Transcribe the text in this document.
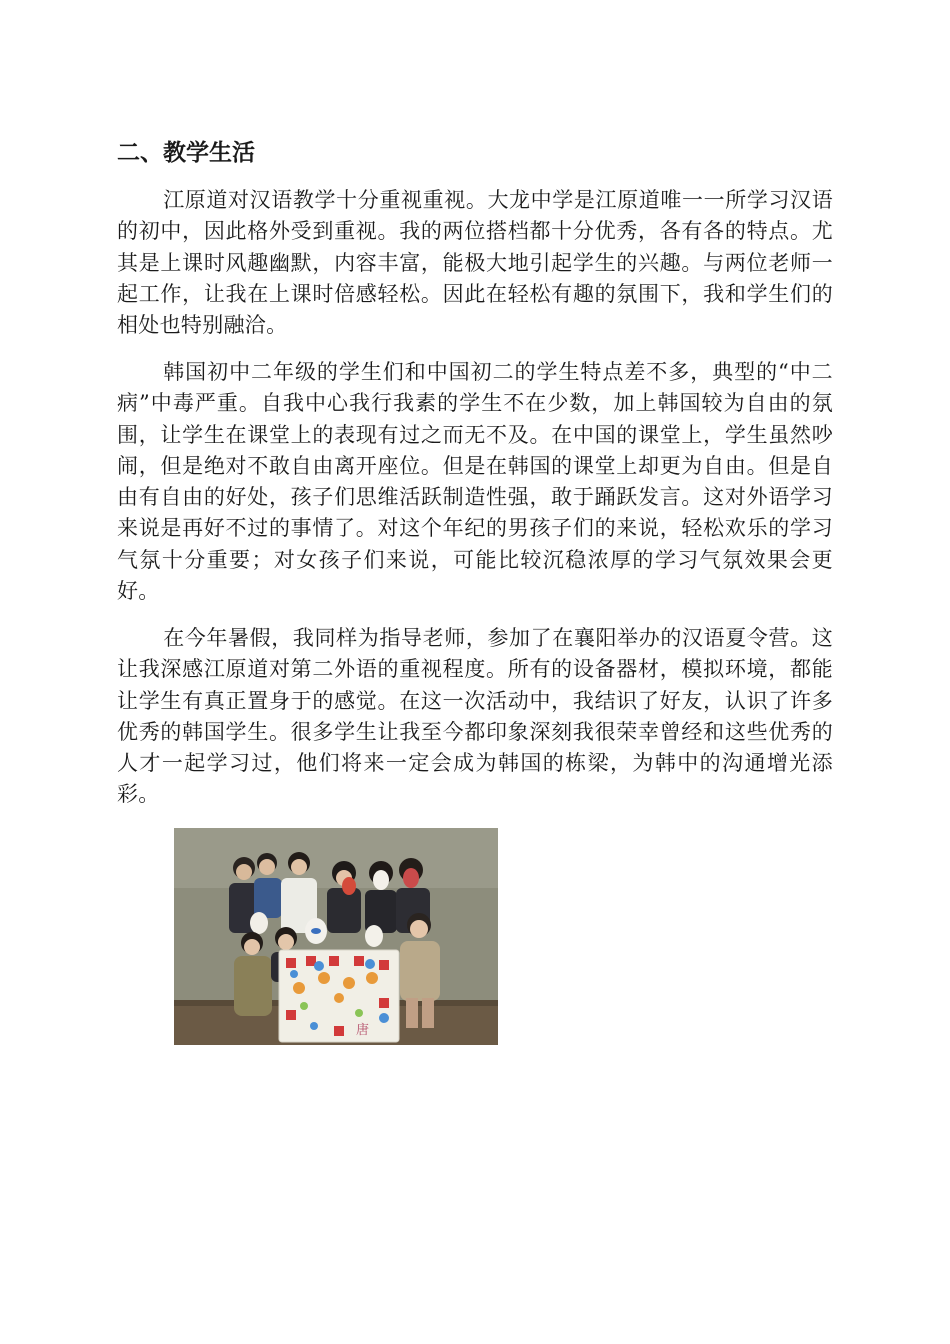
二、教学生活

江原道对汉语教学十分重视重视。大龙中学是江原道唯一一所学习汉语的初中，因此格外受到重视。我的两位搭档都十分优秀，各有各的特点。尤其是上课时风趣幽默，内容丰富，能极大地引起学生的兴趣。与两位老师一起工作，让我在上课时倍感轻松。因此在轻松有趣的氛围下，我和学生们的相处也特别融洽。

韩国初中二年级的学生们和中国初二的学生特点差不多，典型的“中二病”中毒严重。自我中心我行我素的学生不在少数，加上韩国较为自由的氛围，让学生在课堂上的表现有过之而无不及。在中国的课堂上，学生虽然吵闹，但是绝对不敢自由离开座位。但是在韩国的课堂上却更为自由。但是自由有自由的好处，孩子们思维活跃制造性强，敢于踊跃发言。这对外语学习来说是再好不过的事情了。对这个年纪的男孩子们的来说，轻松欢乐的学习气氛十分重要；对女孩子们来说，可能比较沉稳浓厚的学习气氛效果会更好。

在今年暑假，我同样为指导老师，参加了在襄阳举办的汉语夏令营。这让我深感江原道对第二外语的重视程度。所有的设备器材，模拟环境，都能让学生有真正置身于的感觉。在这一次活动中，我结识了好友，认识了许多优秀的韩国学生。很多学生让我至今都印象深刻我很荣幸曾经和这些优秀的人才一起学习过，他们将来一定会成为韩国的栋梁，为韩中的沟通增光添彩。

唐
